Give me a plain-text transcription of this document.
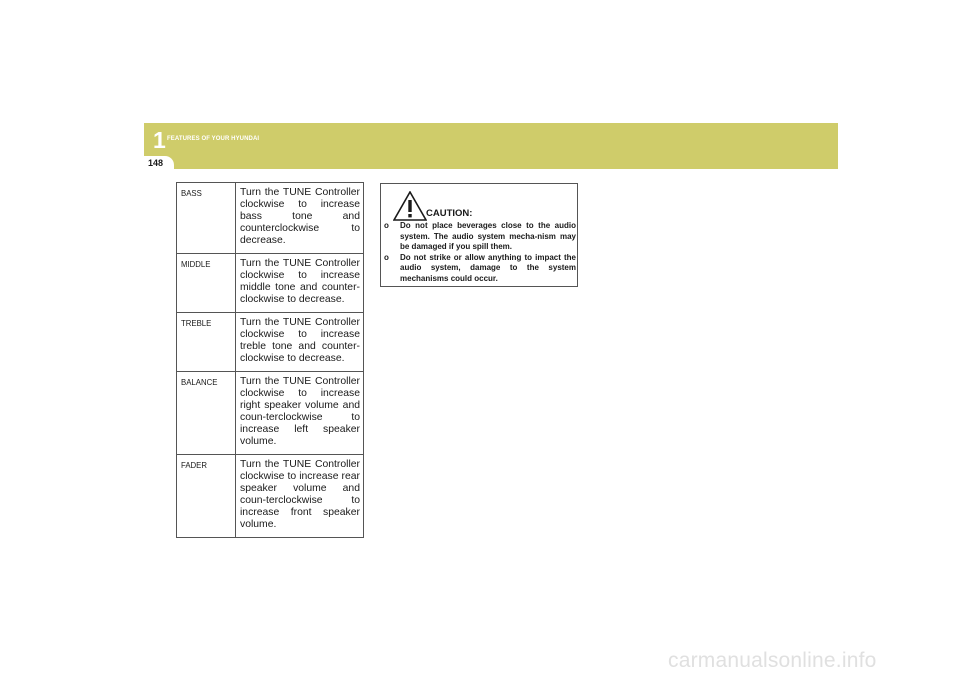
1 FEATURES OF YOUR HYUNDAI
148
BASS	Turn the TUNE Controller clockwise to increase bass tone and counterclockwise to decrease.
MIDDLE	Turn the TUNE Controller clockwise to increase middle tone and counter-clockwise to decrease.
TREBLE	Turn the TUNE Controller clockwise to increase treble tone and counter-clockwise to decrease.
BALANCE	Turn the TUNE Controller clockwise to increase right speaker volume and coun-terclockwise to increase left speaker volume.
FADER	Turn the TUNE Controller clockwise to increase rear speaker volume and coun-terclockwise to increase front speaker volume.
CAUTION:
o Do not place beverages close to the audio system. The audio system mecha-nism may be damaged if you spill them.
o Do not strike or allow anything to impact the audio system, damage to the system mechanisms could occur.
carmanualsonline.info
